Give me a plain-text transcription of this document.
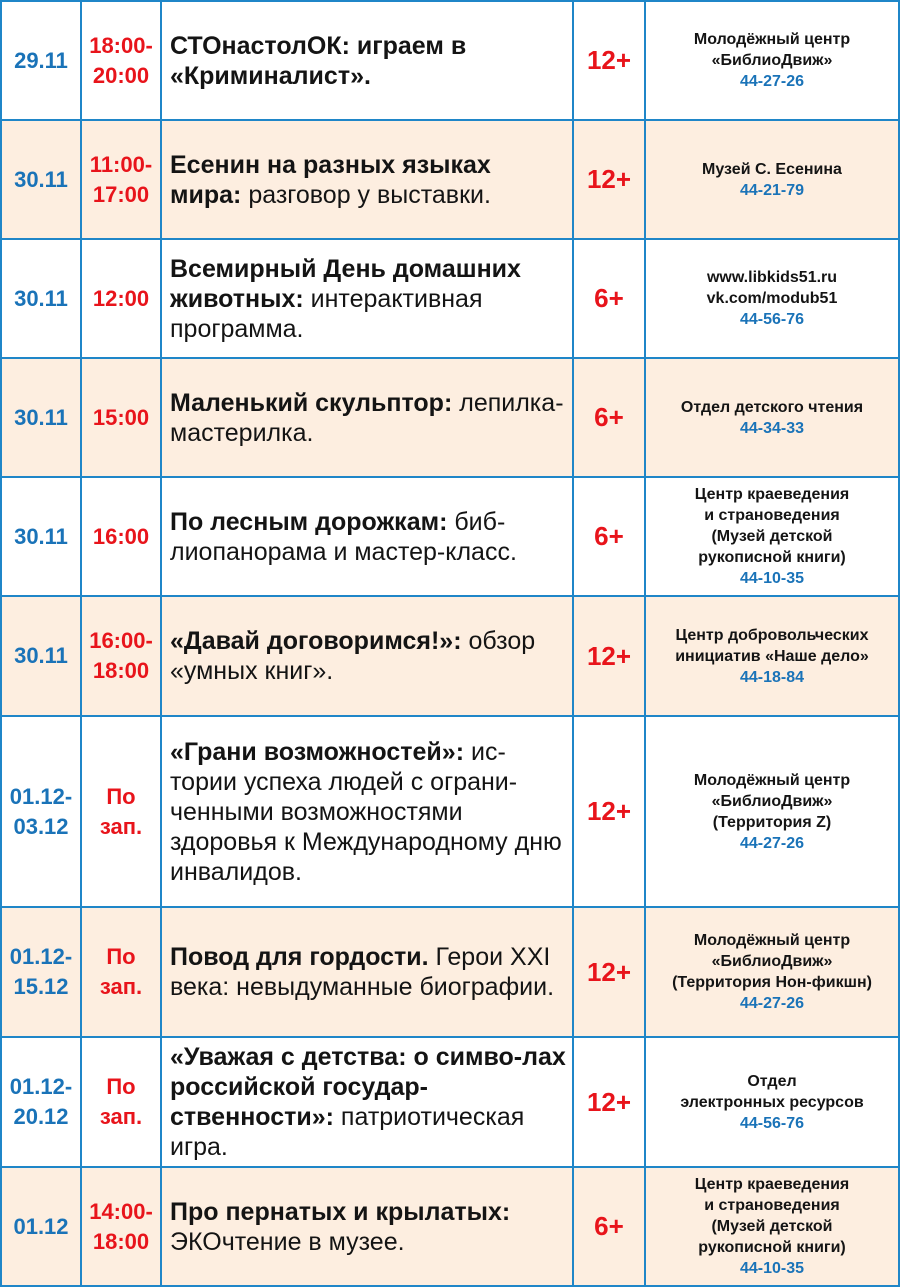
29.11	18:00-
20:00	СТОнастолОК: играем в «Криминалист».	12+	Молодёжный центр
«БиблиоДвиж»
44-27-26

30.11	11:00-
17:00	Есенин на разных языках мира: разговор у выставки.	12+	Музей С. Есенина
44-21-79

30.11	12:00	Всемирный День домашних животных: интерактивная программа.	6+	www.libkids51.ru
vk.com/modub51
44-56-76

30.11	15:00	Маленький скульптор: лепилка-мастерилка.	6+	Отдел детского чтения
44-34-33

30.11	16:00	По лесным дорожкам: биб-лиопанорама и мастер-класс.	6+	Центр краеведения
и страноведения
(Музей детской
рукописной книги)
44-10-35

30.11	16:00-
18:00	«Давай договоримся!»: обзор «умных книг».	12+	Центр добровольческих
инициатив «Наше дело»
44-18-84

01.12-
03.12	По
зап.	«Грани возможностей»: ис-тории успеха людей с ограни-ченными возможностями здоровья к Международному дню инвалидов.	12+	Молодёжный центр
«БиблиоДвиж»
(Территория Z)
44-27-26

01.12-
15.12	По
зап.	Повод для гордости. Герои XXI века: невыдуманные биографии.	12+	Молодёжный центр
«БиблиоДвиж»
(Территория Нон-фикшн)
44-27-26

01.12-
20.12	По
зап.	«Уважая с детства: о симво-лах российской государ-ственности»: патриотическая игра.	12+	Отдел
электронных ресурсов
44-56-76

01.12	14:00-
18:00	Про пернатых и крылатых: ЭКОчтение в музее.	6+	Центр краеведения
и страноведения
(Музей детской
рукописной книги)
44-10-35
